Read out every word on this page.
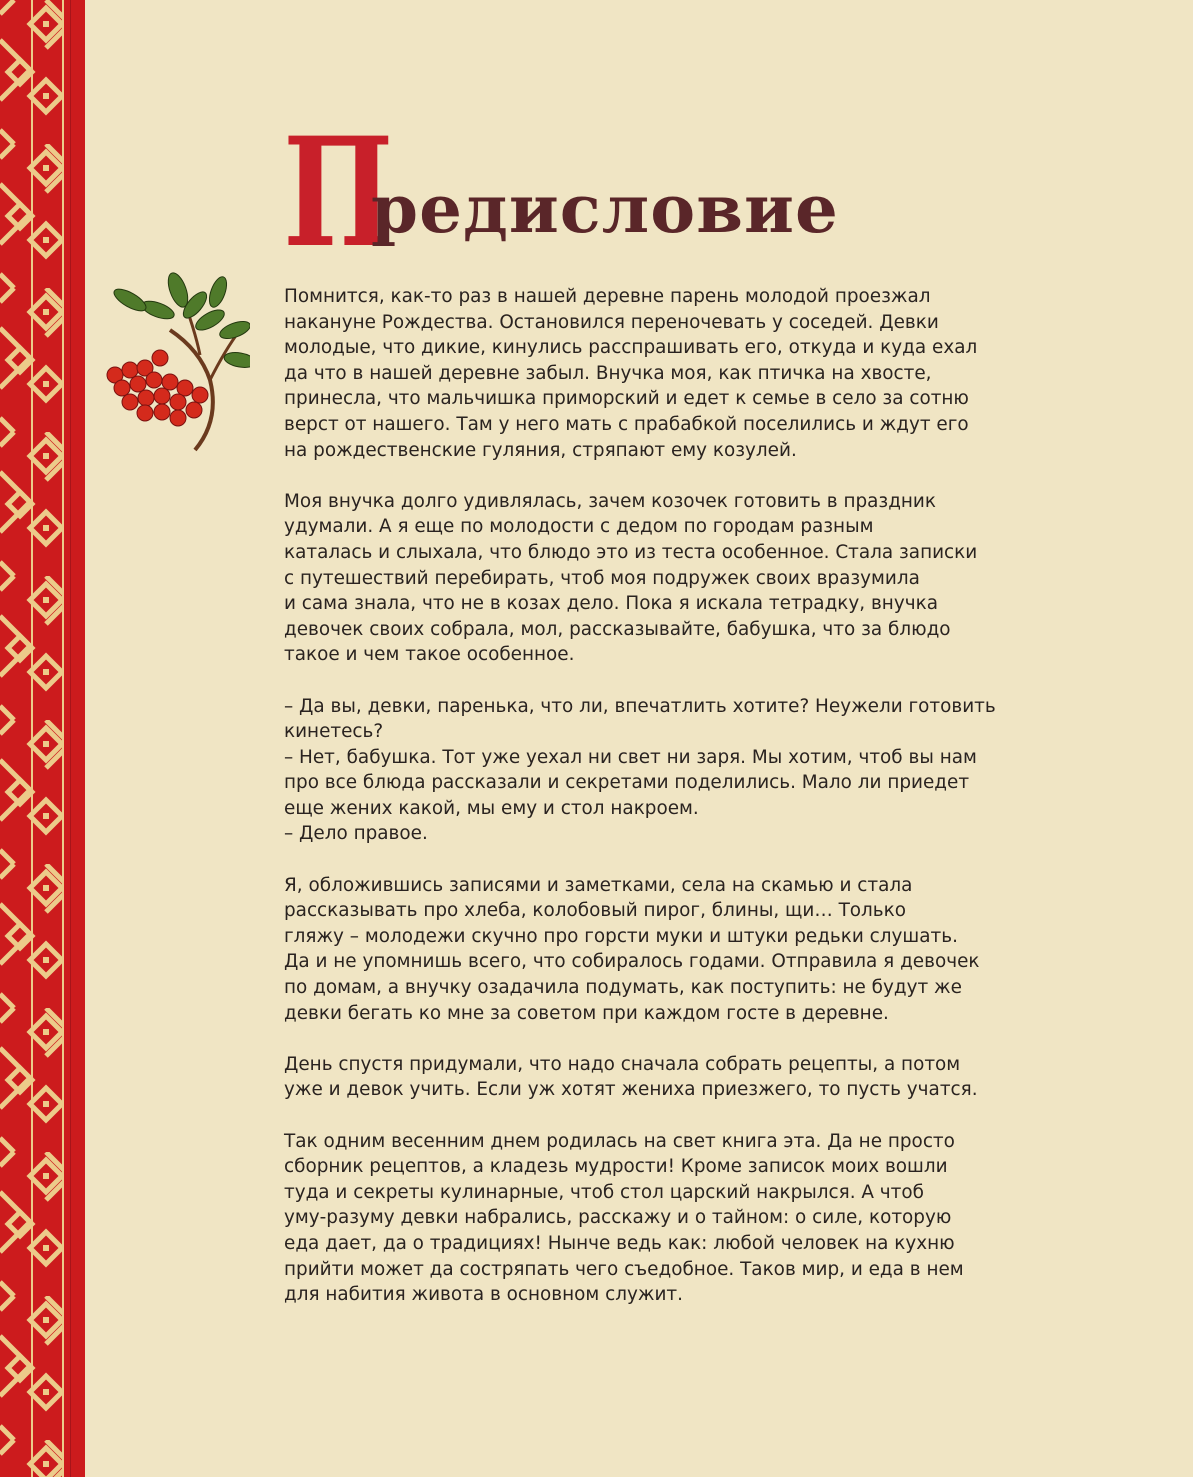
Предисловие

Помнится, как-то раз в нашей деревне парень молодой проезжал
накануне Рождества. Остановился переночевать у соседей. Девки
молодые, что дикие, кинулись расспрашивать его, откуда и куда ехал
да что в нашей деревне забыл. Внучка моя, как птичка на хвосте,
принесла, что мальчишка приморский и едет к семье в село за сотню
верст от нашего. Там у него мать с прабабкой поселились и ждут его
на рождественские гуляния, стряпают ему козулей.

Моя внучка долго удивлялась, зачем козочек готовить в праздник
удумали. А я еще по молодости с дедом по городам разным
каталась и слыхала, что блюдо это из теста особенное. Стала записки
с путешествий перебирать, чтоб моя подружек своих вразумила
и сама знала, что не в козах дело. Пока я искала тетрадку, внучка
девочек своих собрала, мол, рассказывайте, бабушка, что за блюдо
такое и чем такое особенное.

– Да вы, девки, паренька, что ли, впечатлить хотите? Неужели готовить
кинетесь?
– Нет, бабушка. Тот уже уехал ни свет ни заря. Мы хотим, чтоб вы нам
про все блюда рассказали и секретами поделились. Мало ли приедет
еще жених какой, мы ему и стол накроем.
– Дело правое.

Я, обложившись записями и заметками, села на скамью и стала
рассказывать про хлеба, колобовый пирог, блины, щи… Только
гляжу – молодежи скучно про горсти муки и штуки редьки слушать.
Да и не упомнишь всего, что собиралось годами. Отправила я девочек
по домам, а внучку озадачила подумать, как поступить: не будут же
девки бегать ко мне за советом при каждом госте в деревне.

День спустя придумали, что надо сначала собрать рецепты, а потом
уже и девок учить. Если уж хотят жениха приезжего, то пусть учатся.

Так одним весенним днем родилась на свет книга эта. Да не просто
сборник рецептов, а кладезь мудрости! Кроме записок моих вошли
туда и секреты кулинарные, чтоб стол царский накрылся. А чтоб
уму-разуму девки набрались, расскажу и о тайном: о силе, которую
еда дает, да о традициях! Нынче ведь как: любой человек на кухню
прийти может да состряпать чего съедобное. Таков мир, и еда в нем
для набития живота в основном служит.
